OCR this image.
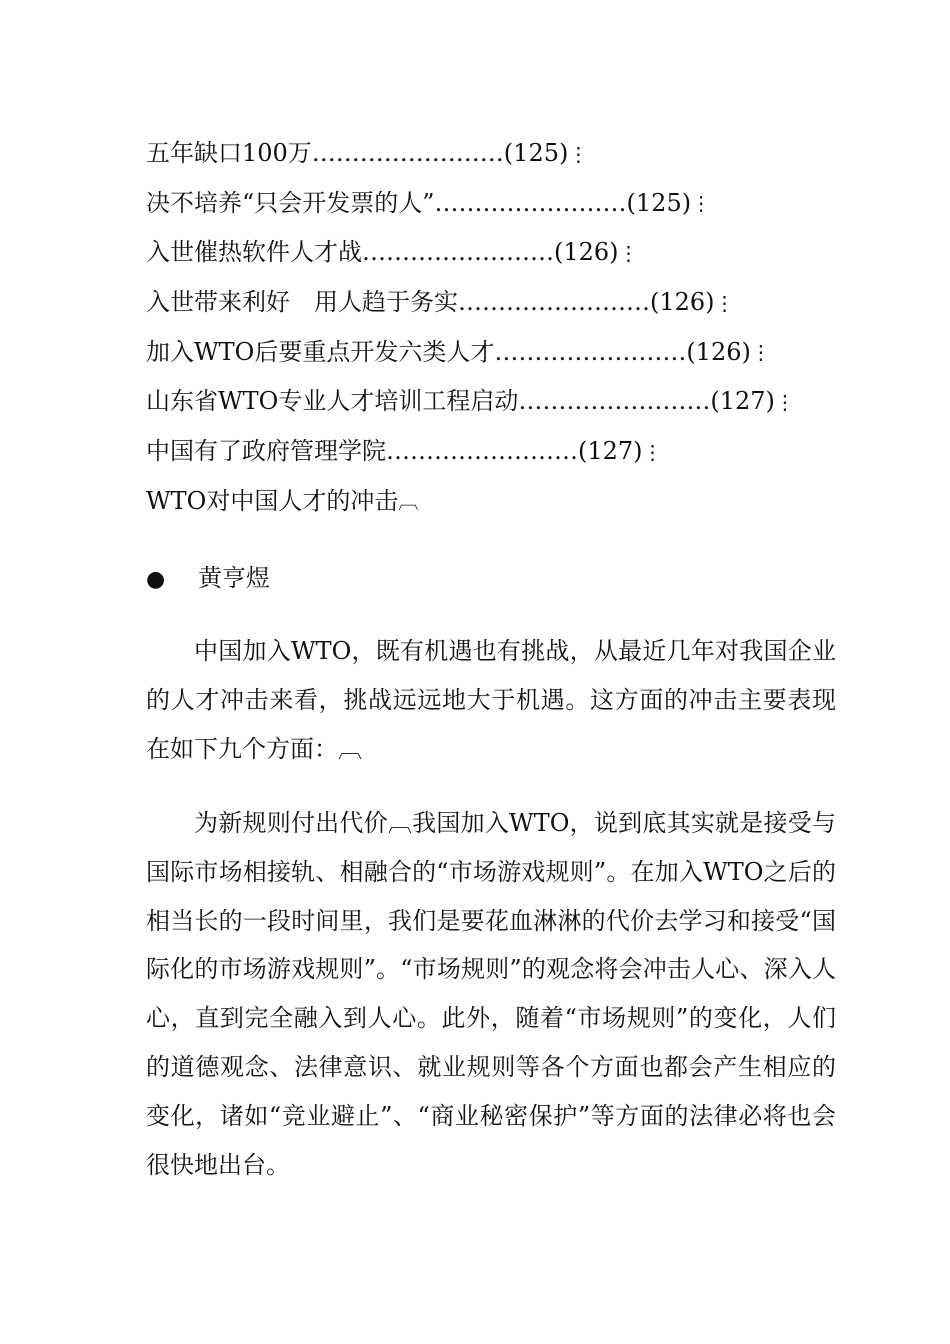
五年缺口100万……………………(125)⋮
决不培养“只会开发票的人”……………………(125)⋮
入世催热软件人才战……………………(126)⋮
入世带来利好　用人趋于务实……………………(126)⋮
加入WTO后要重点开发六类人才……………………(126)⋮
山东省WTO专业人才培训工程启动……………………(127)⋮
中国有了政府管理学院……………………(127)⋮
WTO对中国人才的冲击︹
● 黄亨煜

中国加入WTO，既有机遇也有挑战，从最近几年对我国企业的人才冲击来看，挑战远远地大于机遇。这方面的冲击主要表现在如下九个方面：︹

为新规则付出代价︹我国加入WTO，说到底其实就是接受与国际市场相接轨、相融合的“市场游戏规则”。在加入WTO之后的相当长的一段时间里，我们是要花血淋淋的代价去学习和接受“国际化的市场游戏规则”。“市场规则”的观念将会冲击人心、深入人心，直到完全融入到人心。此外，随着“市场规则”的变化，人们的道德观念、法律意识、就业规则等各个方面也都会产生相应的变化，诸如“竞业避止”、“商业秘密保护”等方面的法律必将也会很快地出台。
